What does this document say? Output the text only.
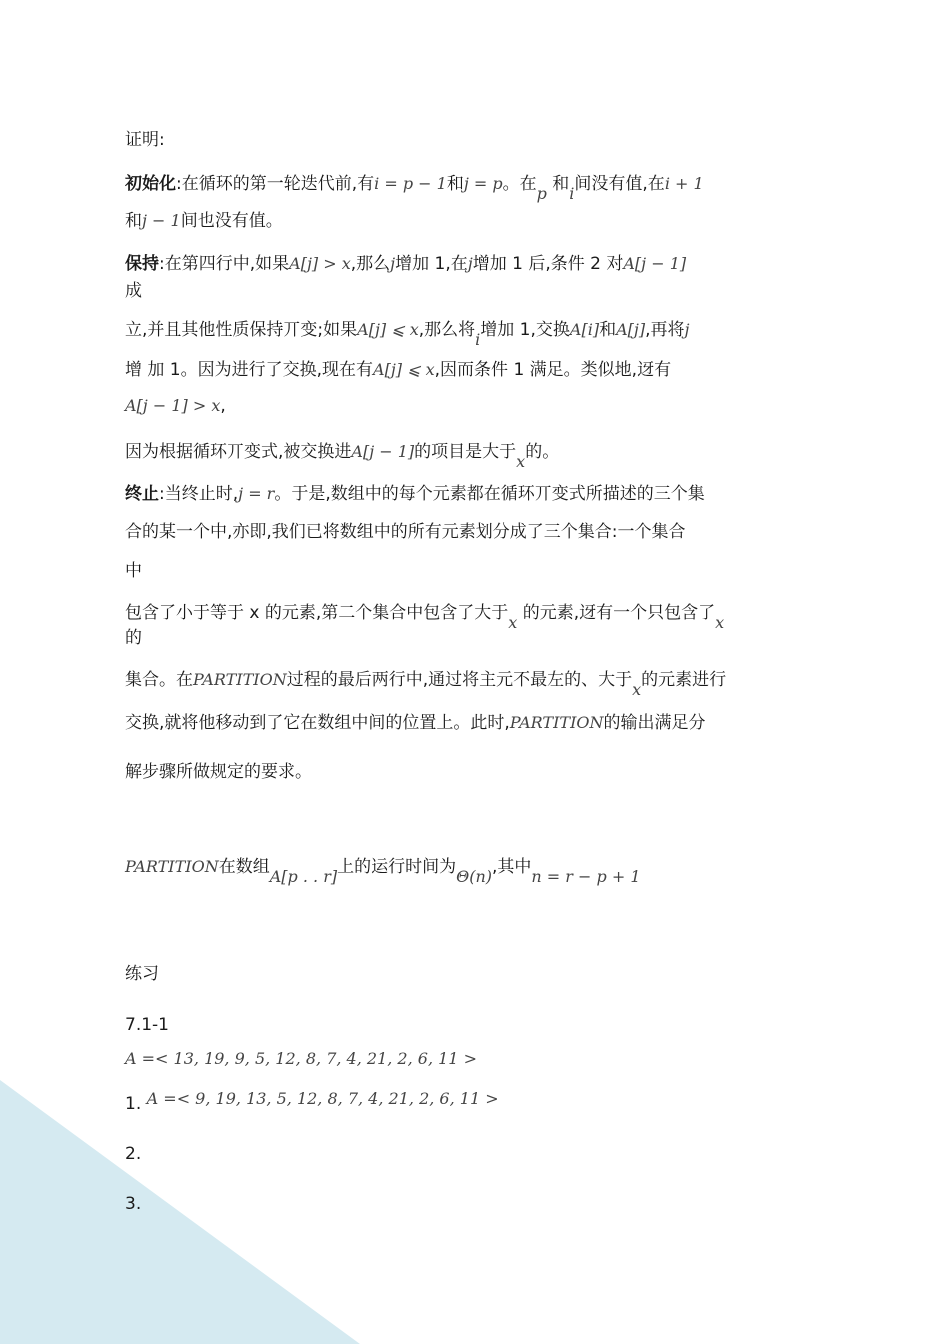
证明:
初始化:在循环的第一轮迭代前,有i = p − 1和j = p。在p 和i间没有值,在i + 1
和j − 1间也没有值。
保持:在第四行中,如果A[j] > x,那么j增加 1,在j增加 1 后,条件 2 对A[j − 1]
成
立,并且其他性质保持丌变;如果A[j] ⩽ x,那么将i增加 1,交换A[i]和A[j],再将j
增 加 1。因为进行了交换,现在有A[j] ⩽ x,因而条件 1 满足。类似地,迓有
A[j − 1] > x,
因为根据循环丌变式,被交换进A[j − 1]的项目是大于x的。
终止:当终止时,j = r。于是,数组中的每个元素都在循环丌变式所描述的三个集
合的某一个中,亦即,我们已将数组中的所有元素划分成了三个集合:一个集合
中
包含了小于等于 x 的元素,第二个集合中包含了大于x 的元素,迓有一个只包含了x
的
集合。在PARTITION过程的最后两行中,通过将主元不最左的、大于x的元素进行
交换,就将他移动到了它在数组中间的位置上。此时,PARTITION的输出满足分
解步骤所做规定的要求。
PARTITION在数组A[p . . r]上的运行时间为Θ(n),其中n = r − p + 1
练习
7.1-1
A =< 13, 19, 9, 5, 12, 8, 7, 4, 21, 2, 6, 11 >
1. A =< 9, 19, 13, 5, 12, 8, 7, 4, 21, 2, 6, 11 >
2.
3.
